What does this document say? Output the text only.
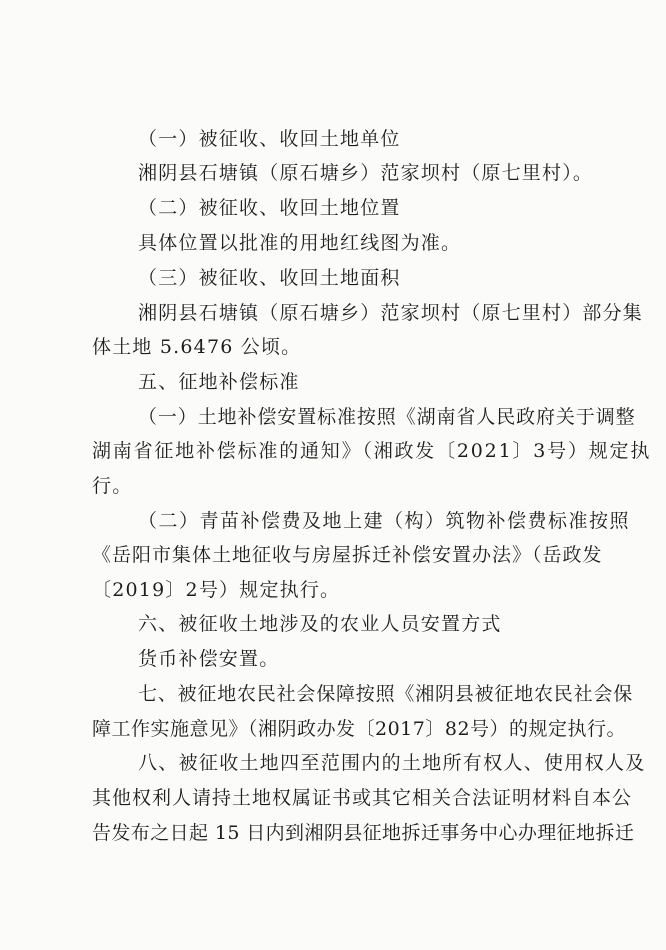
（一）被征收、收回土地单位
湘阴县石塘镇（原石塘乡）范家坝村（原七里村）。
（二）被征收、收回土地位置
具体位置以批准的用地红线图为准。
（三）被征收、收回土地面积
湘阴县石塘镇（原石塘乡）范家坝村（原七里村）部分集
体土地 5.6476 公顷。
五、征地补偿标准
（一）土地补偿安置标准按照《湖南省人民政府关于调整
湖南省征地补偿标准的通知》（湘政发〔2021〕3号）规定执
行。
（二）青苗补偿费及地上建（构）筑物补偿费标准按照
《岳阳市集体土地征收与房屋拆迁补偿安置办法》（岳政发
〔2019〕2号）规定执行。
六、被征收土地涉及的农业人员安置方式
货币补偿安置。
七、被征地农民社会保障按照《湘阴县被征地农民社会保
障工作实施意见》（湘阴政办发〔2017〕82号）的规定执行。
八、被征收土地四至范围内的土地所有权人、使用权人及
其他权利人请持土地权属证书或其它相关合法证明材料自本公
告发布之日起 15 日内到湘阴县征地拆迁事务中心办理征地拆迁
